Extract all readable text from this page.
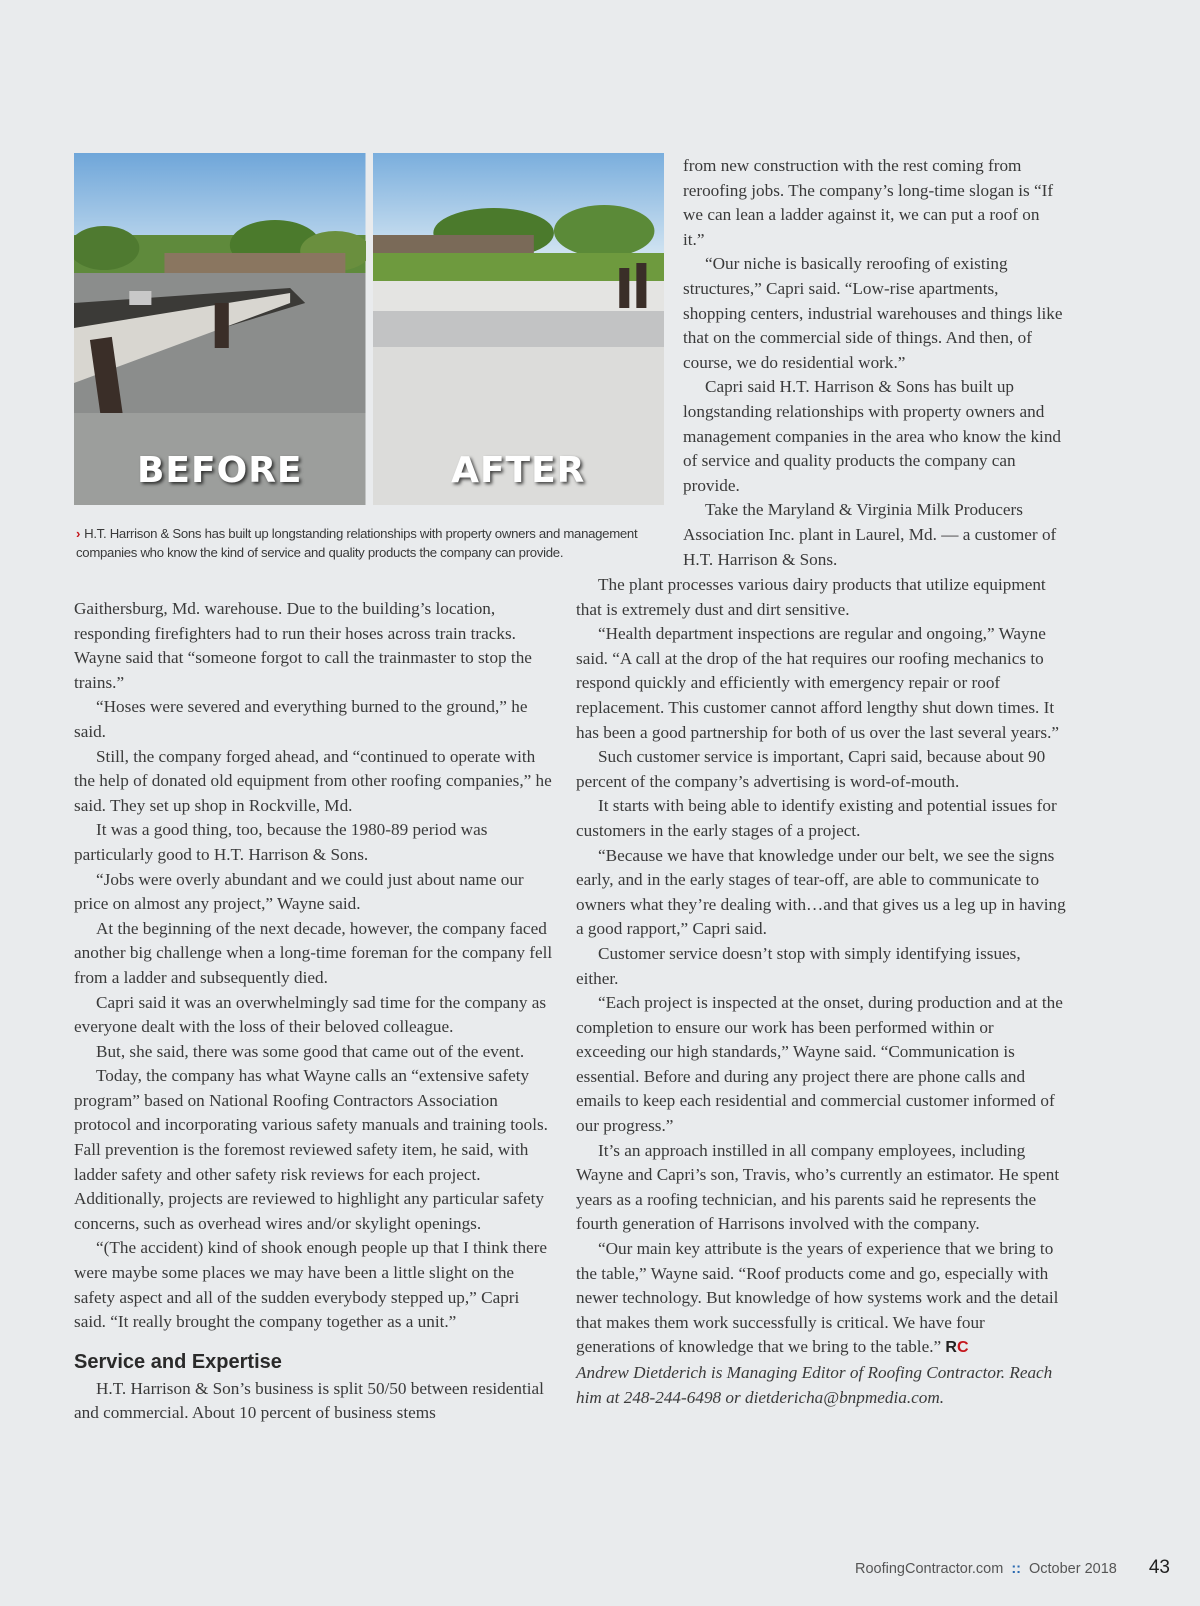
BEFORE	AFTER
› H.T. Harrison & Sons has built up longstanding relationships with property owners and management companies who know the kind of service and quality products the company can provide.

from new construction with the rest coming from reroofing jobs. The company’s long-time slogan is “If we can lean a ladder against it, we can put a roof on it.”

“Our niche is basically reroofing of existing structures,” Capri said. “Low-rise apartments, shopping centers, industrial warehouses and things like that on the commercial side of things. And then, of course, we do residential work.”

Capri said H.T. Harrison & Sons has built up longstanding relationships with property owners and management companies in the area who know the kind of service and quality products the company can provide.

Take the Maryland & Virginia Milk Producers Association Inc. plant in Laurel, Md. — a customer of H.T. Harrison & Sons.

Gaithersburg, Md. warehouse. Due to the building’s location, responding firefighters had to run their hoses across train tracks. Wayne said that “someone forgot to call the trainmaster to stop the trains.”

“Hoses were severed and everything burned to the ground,” he said.

Still, the company forged ahead, and “continued to operate with the help of donated old equipment from other roofing companies,” he said. They set up shop in Rockville, Md.

It was a good thing, too, because the 1980-89 period was particularly good to H.T. Harrison & Sons.

“Jobs were overly abundant and we could just about name our price on almost any project,” Wayne said.

At the beginning of the next decade, however, the company faced another big challenge when a long-time foreman for the company fell from a ladder and subsequently died.

Capri said it was an overwhelmingly sad time for the company as everyone dealt with the loss of their beloved colleague.

But, she said, there was some good that came out of the event.

Today, the company has what Wayne calls an “extensive safety program” based on National Roofing Contractors Association protocol and incorporating various safety manuals and training tools. Fall prevention is the foremost reviewed safety item, he said, with ladder safety and other safety risk reviews for each project. Additionally, projects are reviewed to highlight any particular safety concerns, such as overhead wires and/or skylight openings.

“(The accident) kind of shook enough people up that I think there were maybe some places we may have been a little slight on the safety aspect and all of the sudden everybody stepped up,” Capri said. “It really brought the company together as a unit.”

Service and Expertise

H.T. Harrison & Son’s business is split 50/50 between residential and commercial. About 10 percent of business stems

The plant processes various dairy products that utilize equipment that is extremely dust and dirt sensitive.

“Health department inspections are regular and ongoing,” Wayne said. “A call at the drop of the hat requires our roofing mechanics to respond quickly and efficiently with emergency repair or roof replacement. This customer cannot afford lengthy shut down times. It has been a good partnership for both of us over the last several years.”

Such customer service is important, Capri said, because about 90 percent of the company’s advertising is word-of-mouth.

It starts with being able to identify existing and potential issues for customers in the early stages of a project.

“Because we have that knowledge under our belt, we see the signs early, and in the early stages of tear-off, are able to communicate to owners what they’re dealing with…and that gives us a leg up in having a good rapport,” Capri said.

Customer service doesn’t stop with simply identifying issues, either.

“Each project is inspected at the onset, during production and at the completion to ensure our work has been performed within or exceeding our high standards,” Wayne said. “Communication is essential. Before and during any project there are phone calls and emails to keep each residential and commercial customer informed of our progress.”

It’s an approach instilled in all company employees, including Wayne and Capri’s son, Travis, who’s currently an estimator. He spent years as a roofing technician, and his parents said he represents the fourth generation of Harrisons involved with the company.

“Our main key attribute is the years of experience that we bring to the table,” Wayne said. “Roof products come and go, especially with newer technology. But knowledge of how systems work and the detail that makes them work successfully is critical. We have four generations of knowledge that we bring to the table.” RC

Andrew Dietderich is Managing Editor of Roofing Contractor. Reach him at 248-244-6498 or dietdericha@bnpmedia.com.

RoofingContractor.com :: October 2018 43
